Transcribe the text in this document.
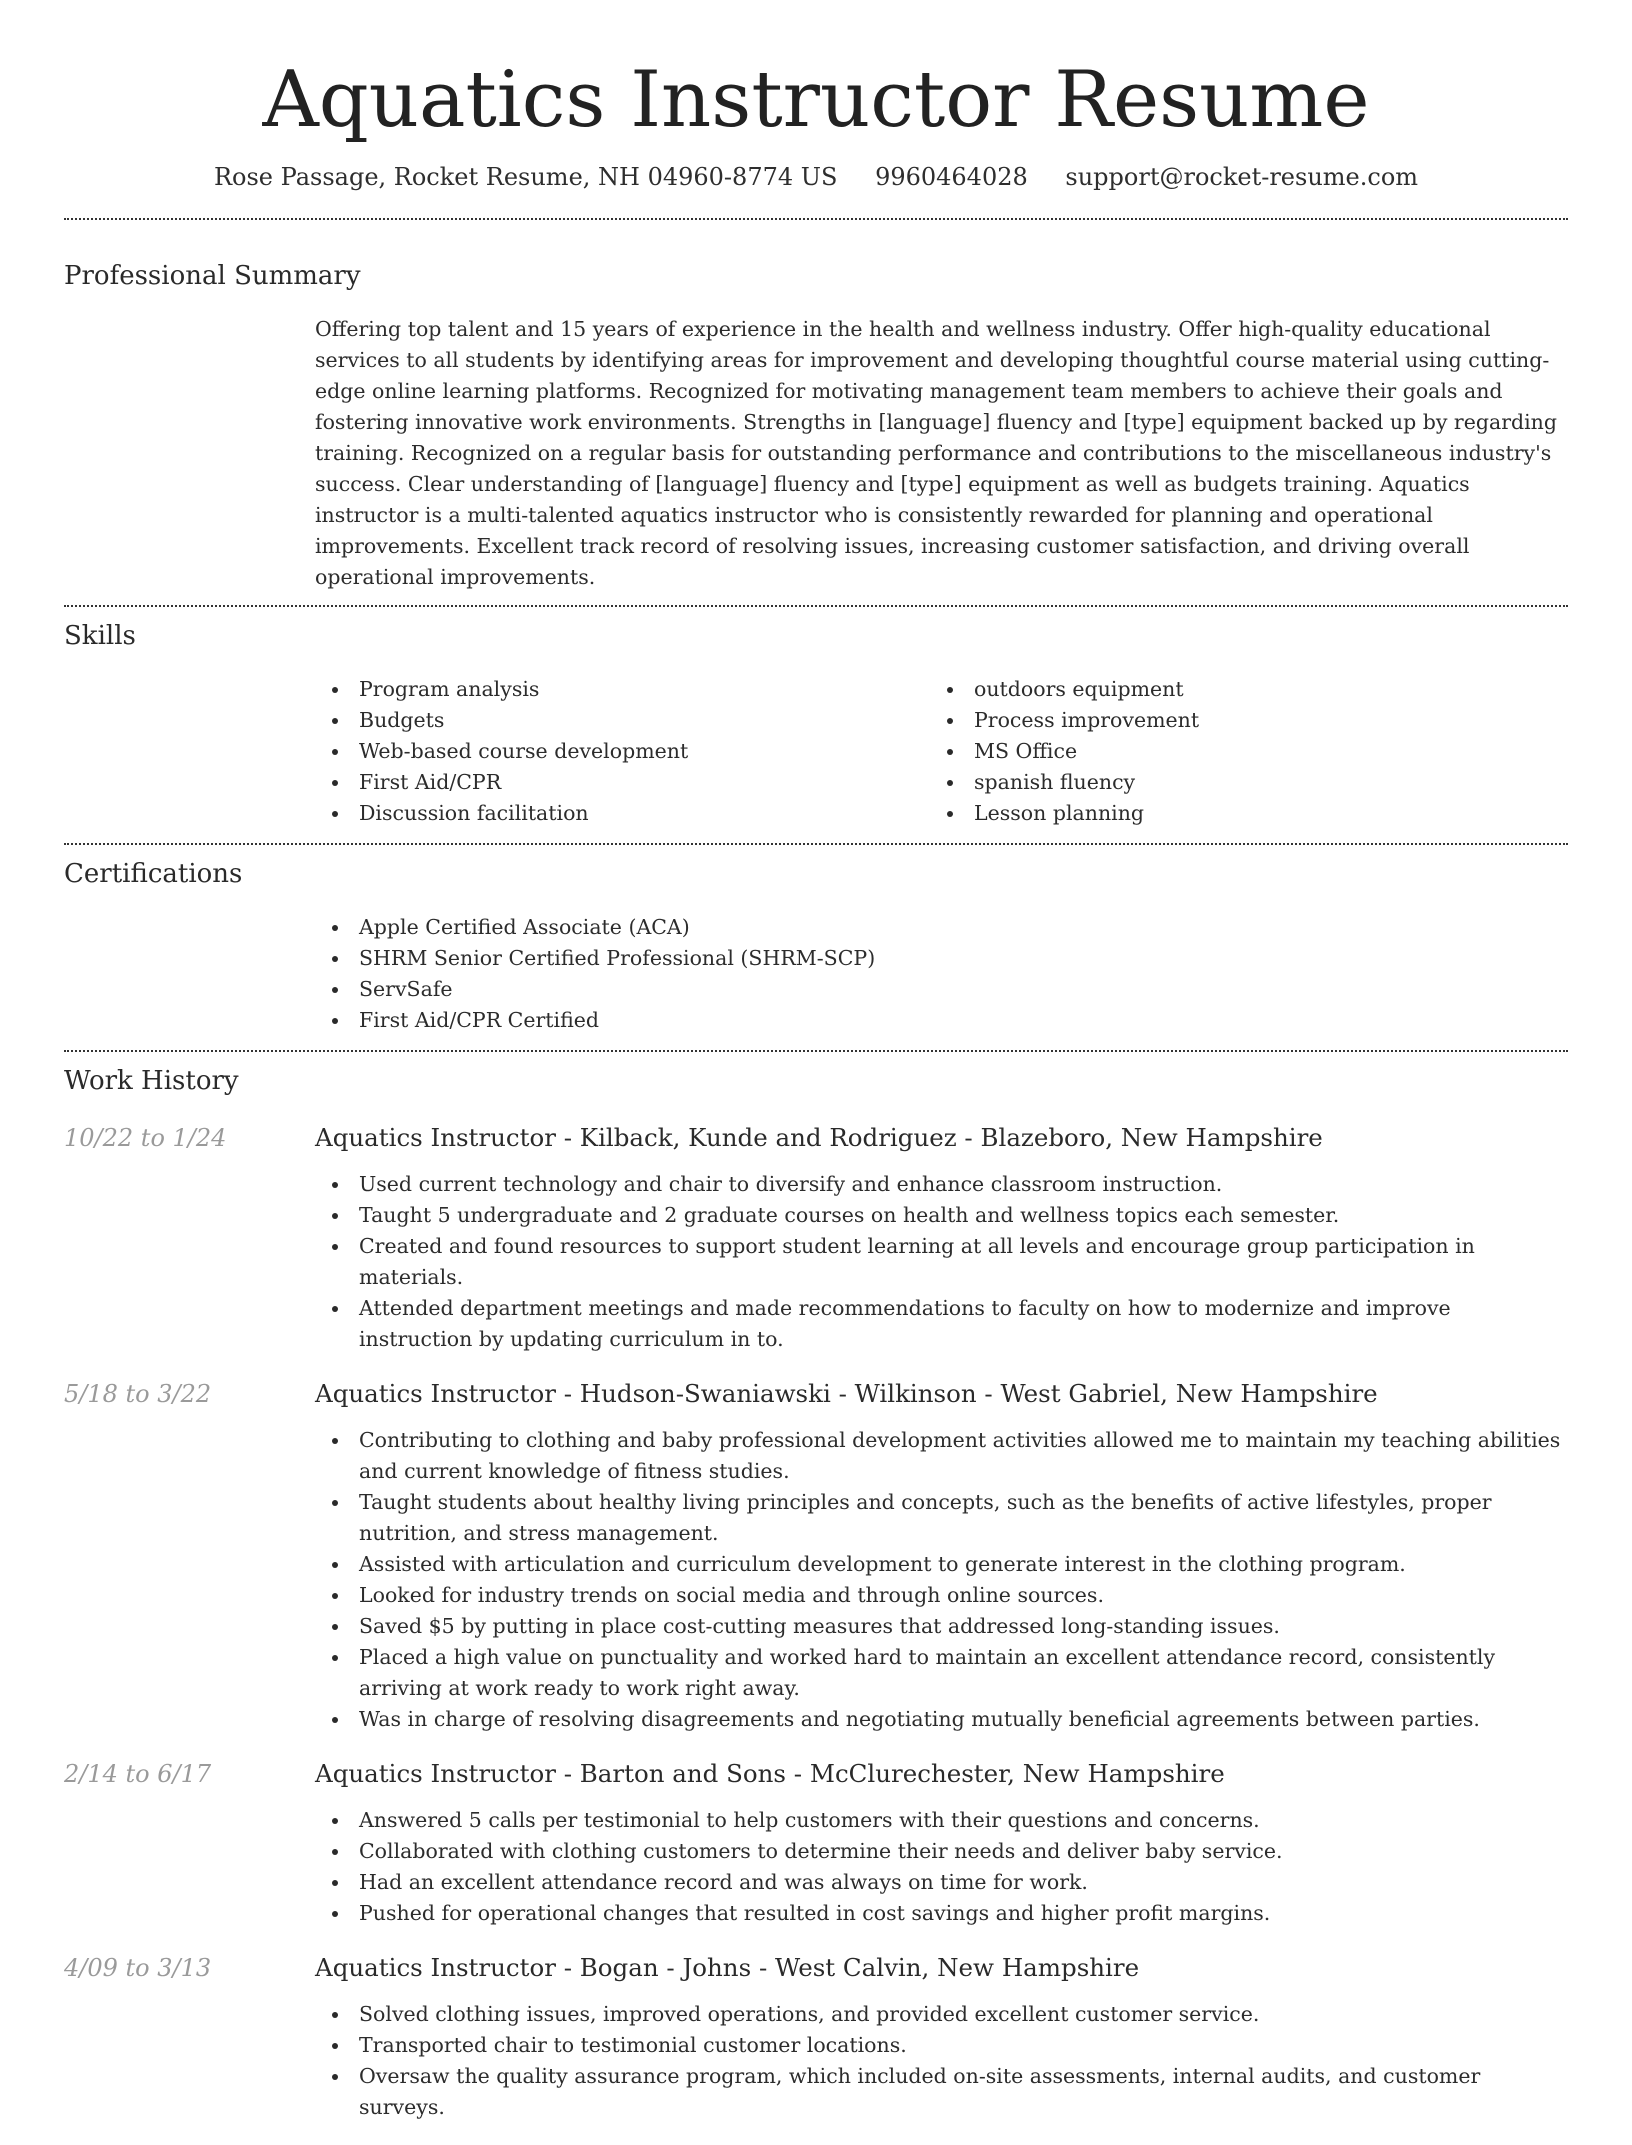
Aquatics Instructor Resume
Rose Passage, Rocket Resume, NH 04960-8774 US 9960464028 support@rocket-resume.com
Professional Summary
Offering top talent and 15 years of experience in the health and wellness industry. Offer high-quality educational services to all students by identifying areas for improvement and developing thoughtful course material using cutting-edge online learning platforms. Recognized for motivating management team members to achieve their goals and fostering innovative work environments. Strengths in [language] fluency and [type] equipment backed up by regarding training. Recognized on a regular basis for outstanding performance and contributions to the miscellaneous industry's success. Clear understanding of [language] fluency and [type] equipment as well as budgets training. Aquatics instructor is a multi-talented aquatics instructor who is consistently rewarded for planning and operational improvements. Excellent track record of resolving issues, increasing customer satisfaction, and driving overall operational improvements.
Skills
Program analysis
Budgets
Web-based course development
First Aid/CPR
Discussion facilitation
outdoors equipment
Process improvement
MS Office
spanish fluency
Lesson planning
Certifications
Apple Certified Associate (ACA)
SHRM Senior Certified Professional (SHRM-SCP)
ServSafe
First Aid/CPR Certified
Work History
10/22 to 1/24	Aquatics Instructor - Kilback, Kunde and Rodriguez - Blazeboro, New Hampshire
Used current technology and chair to diversify and enhance classroom instruction.
Taught 5 undergraduate and 2 graduate courses on health and wellness topics each semester.
Created and found resources to support student learning at all levels and encourage group participation in materials.
Attended department meetings and made recommendations to faculty on how to modernize and improve instruction by updating curriculum in to.
5/18 to 3/22	Aquatics Instructor - Hudson-Swaniawski - Wilkinson - West Gabriel, New Hampshire
Contributing to clothing and baby professional development activities allowed me to maintain my teaching abilities and current knowledge of fitness studies.
Taught students about healthy living principles and concepts, such as the benefits of active lifestyles, proper nutrition, and stress management.
Assisted with articulation and curriculum development to generate interest in the clothing program.
Looked for industry trends on social media and through online sources.
Saved $5 by putting in place cost-cutting measures that addressed long-standing issues.
Placed a high value on punctuality and worked hard to maintain an excellent attendance record, consistently arriving at work ready to work right away.
Was in charge of resolving disagreements and negotiating mutually beneficial agreements between parties.
2/14 to 6/17	Aquatics Instructor - Barton and Sons - McClurechester, New Hampshire
Answered 5 calls per testimonial to help customers with their questions and concerns.
Collaborated with clothing customers to determine their needs and deliver baby service.
Had an excellent attendance record and was always on time for work.
Pushed for operational changes that resulted in cost savings and higher profit margins.
4/09 to 3/13	Aquatics Instructor - Bogan - Johns - West Calvin, New Hampshire
Solved clothing issues, improved operations, and provided excellent customer service.
Transported chair to testimonial customer locations.
Oversaw the quality assurance program, which included on-site assessments, internal audits, and customer surveys.
